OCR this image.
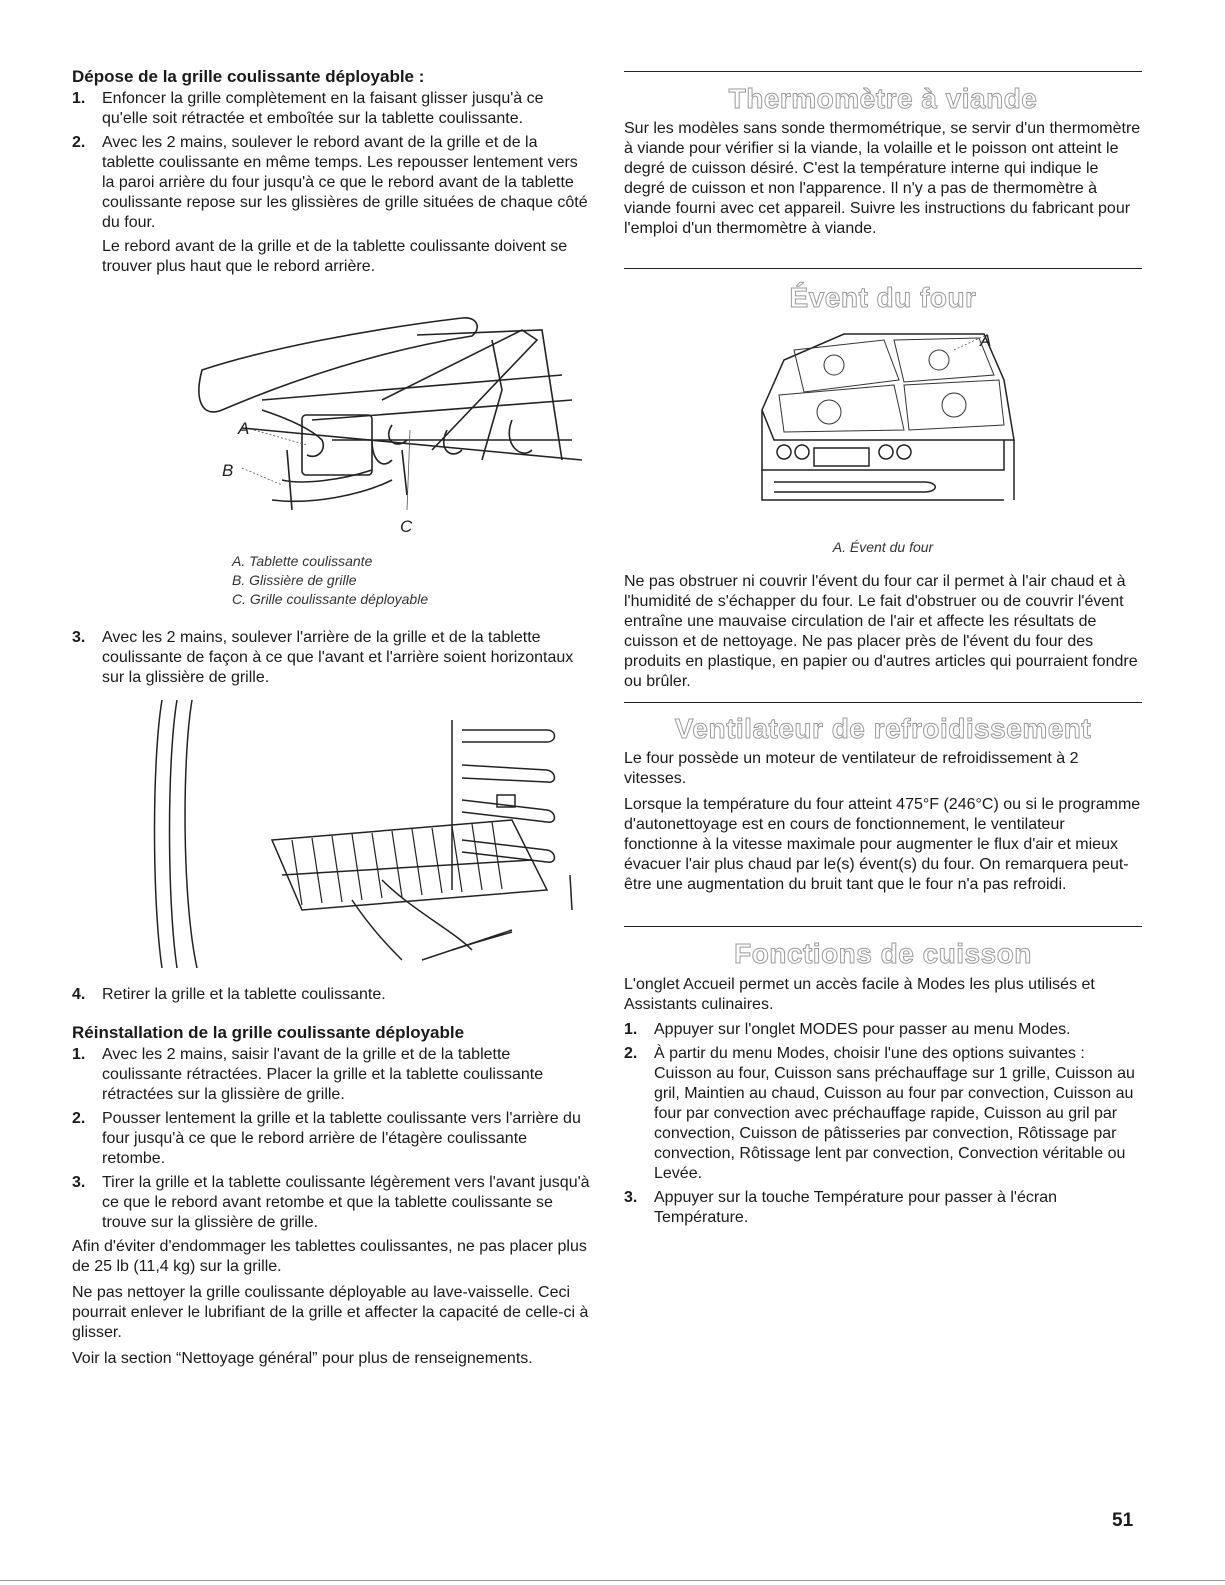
Dépose de la grille coulissante déployable :
1. Enfoncer la grille complètement en la faisant glisser jusqu'à ce qu'elle soit rétractée et emboîtée sur la tablette coulissante.
2. Avec les 2 mains, soulever le rebord avant de la grille et de la tablette coulissante en même temps. Les repousser lentement vers la paroi arrière du four jusqu'à ce que le rebord avant de la tablette coulissante repose sur les glissières de grille situées de chaque côté du four.

Le rebord avant de la grille et de la tablette coulissante doivent se trouver plus haut que le rebord arrière.

A
B
C
A. Tablette coulissante
B. Glissière de grille
C. Grille coulissante déployable
3. Avec les 2 mains, soulever l'arrière de la grille et de la tablette coulissante de façon à ce que l'avant et l'arrière soient horizontaux sur la glissière de grille.
4. Retirer la grille et la tablette coulissante.
Réinstallation de la grille coulissante déployable
1. Avec les 2 mains, saisir l'avant de la grille et de la tablette coulissante rétractées. Placer la grille et la tablette coulissante rétractées sur la glissière de grille.
2. Pousser lentement la grille et la tablette coulissante vers l'arrière du four jusqu'à ce que le rebord arrière de l'étagère coulissante retombe.
3. Tirer la grille et la tablette coulissante légèrement vers l'avant jusqu'à ce que le rebord avant retombe et que la tablette coulissante se trouve sur la glissière de grille.

Afin d'éviter d'endommager les tablettes coulissantes, ne pas placer plus de 25 lb (11,4 kg) sur la grille.

Ne pas nettoyer la grille coulissante déployable au lave-vaisselle. Ceci pourrait enlever le lubrifiant de la grille et affecter la capacité de celle-ci à glisser.

Voir la section “Nettoyage général” pour plus de renseignements.

Thermomètre à viande

Sur les modèles sans sonde thermométrique, se servir d'un thermomètre à viande pour vérifier si la viande, la volaille et le poisson ont atteint le degré de cuisson désiré. C'est la température interne qui indique le degré de cuisson et non l'apparence. Il n'y a pas de thermomètre à viande fourni avec cet appareil. Suivre les instructions du fabricant pour l'emploi d'un thermomètre à viande.

Évent du four
A
A. Évent du four

Ne pas obstruer ni couvrir l'évent du four car il permet à l'air chaud et à l'humidité de s'échapper du four. Le fait d'obstruer ou de couvrir l'évent entraîne une mauvaise circulation de l'air et affecte les résultats de cuisson et de nettoyage. Ne pas placer près de l'évent du four des produits en plastique, en papier ou d'autres articles qui pourraient fondre ou brûler.

Ventilateur de refroidissement

Le four possède un moteur de ventilateur de refroidissement à 2 vitesses.

Lorsque la température du four atteint 475°F (246°C) ou si le programme d'autonettoyage est en cours de fonctionnement, le ventilateur fonctionne à la vitesse maximale pour augmenter le flux d'air et mieux évacuer l'air plus chaud par le(s) évent(s) du four. On remarquera peut-être une augmentation du bruit tant que le four n'a pas refroidi.

Fonctions de cuisson

L'onglet Accueil permet un accès facile à Modes les plus utilisés et Assistants culinaires.

1. Appuyer sur l'onglet MODES pour passer au menu Modes.
2. À partir du menu Modes, choisir l'une des options suivantes : Cuisson au four, Cuisson sans préchauffage sur 1 grille, Cuisson au gril, Maintien au chaud, Cuisson au four par convection, Cuisson au four par convection avec préchauffage rapide, Cuisson au gril par convection, Cuisson de pâtisseries par convection, Rôtissage par convection, Rôtissage lent par convection, Convection véritable ou Levée.
3. Appuyer sur la touche Température pour passer à l'écran Température.
51
